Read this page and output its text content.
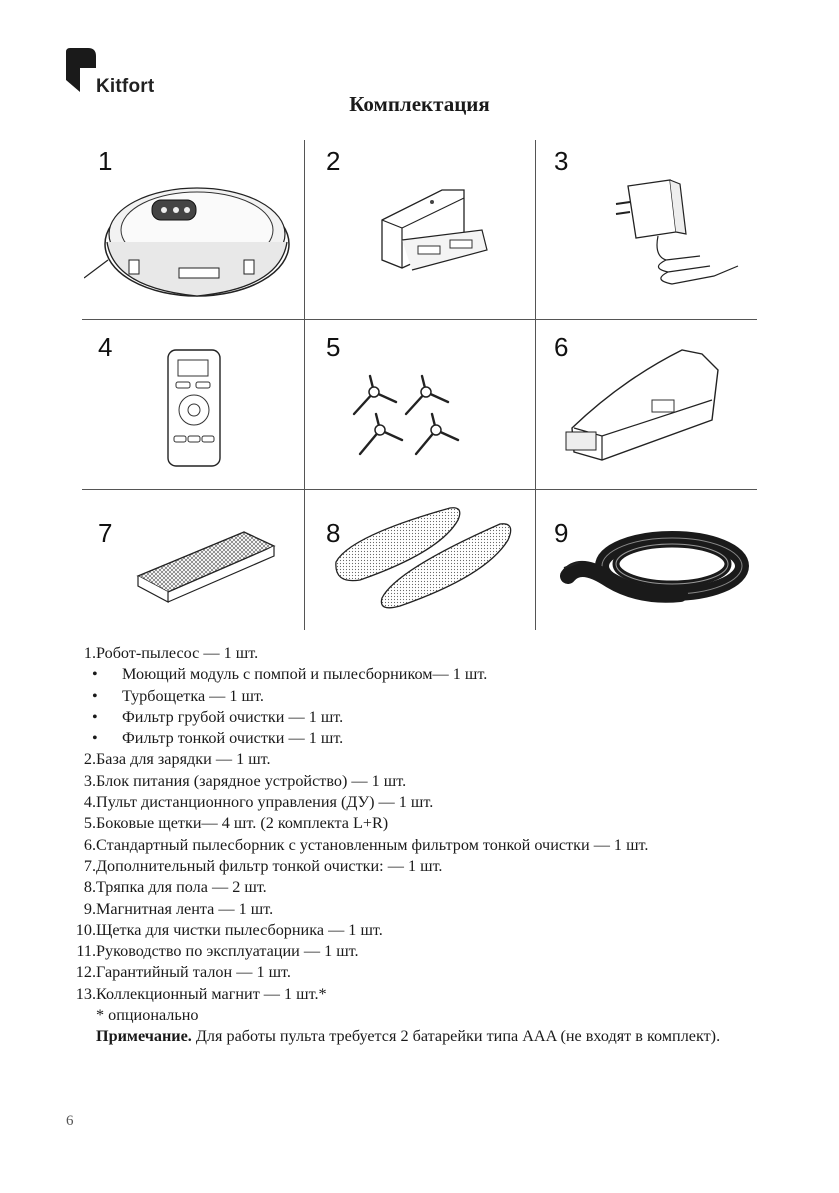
Kitfort
Комплектация
1	2	3
4	5	6
7	8	9
1. Робот-пылесос — 1 шт.
• Моющий модуль с помпой и пылесборником— 1 шт.
• Турбощетка — 1 шт.
• Фильтр грубой очистки — 1 шт.
• Фильтр тонкой очистки — 1 шт.
2. База для зарядки — 1 шт.
3. Блок питания (зарядное устройство) — 1 шт.
4. Пульт дистанционного управления (ДУ) — 1 шт.
5. Боковые щетки— 4 шт. (2 комплекта L+R)
6. Стандартный пылесборник с установленным фильтром тонкой очистки — 1 шт.
7. Дополнительный фильтр тонкой очистки: — 1 шт.
8. Тряпка для пола — 2 шт.
9. Магнитная лента — 1 шт.
10. Щетка для чистки пылесборника — 1 шт.
11. Руководство по эксплуатации — 1 шт.
12. Гарантийный талон — 1 шт.
13. Коллекционный магнит — 1 шт.*
* опционально
Примечание. Для работы пульта требуется 2 батарейки типа AAA (не входят в комплект).
6
